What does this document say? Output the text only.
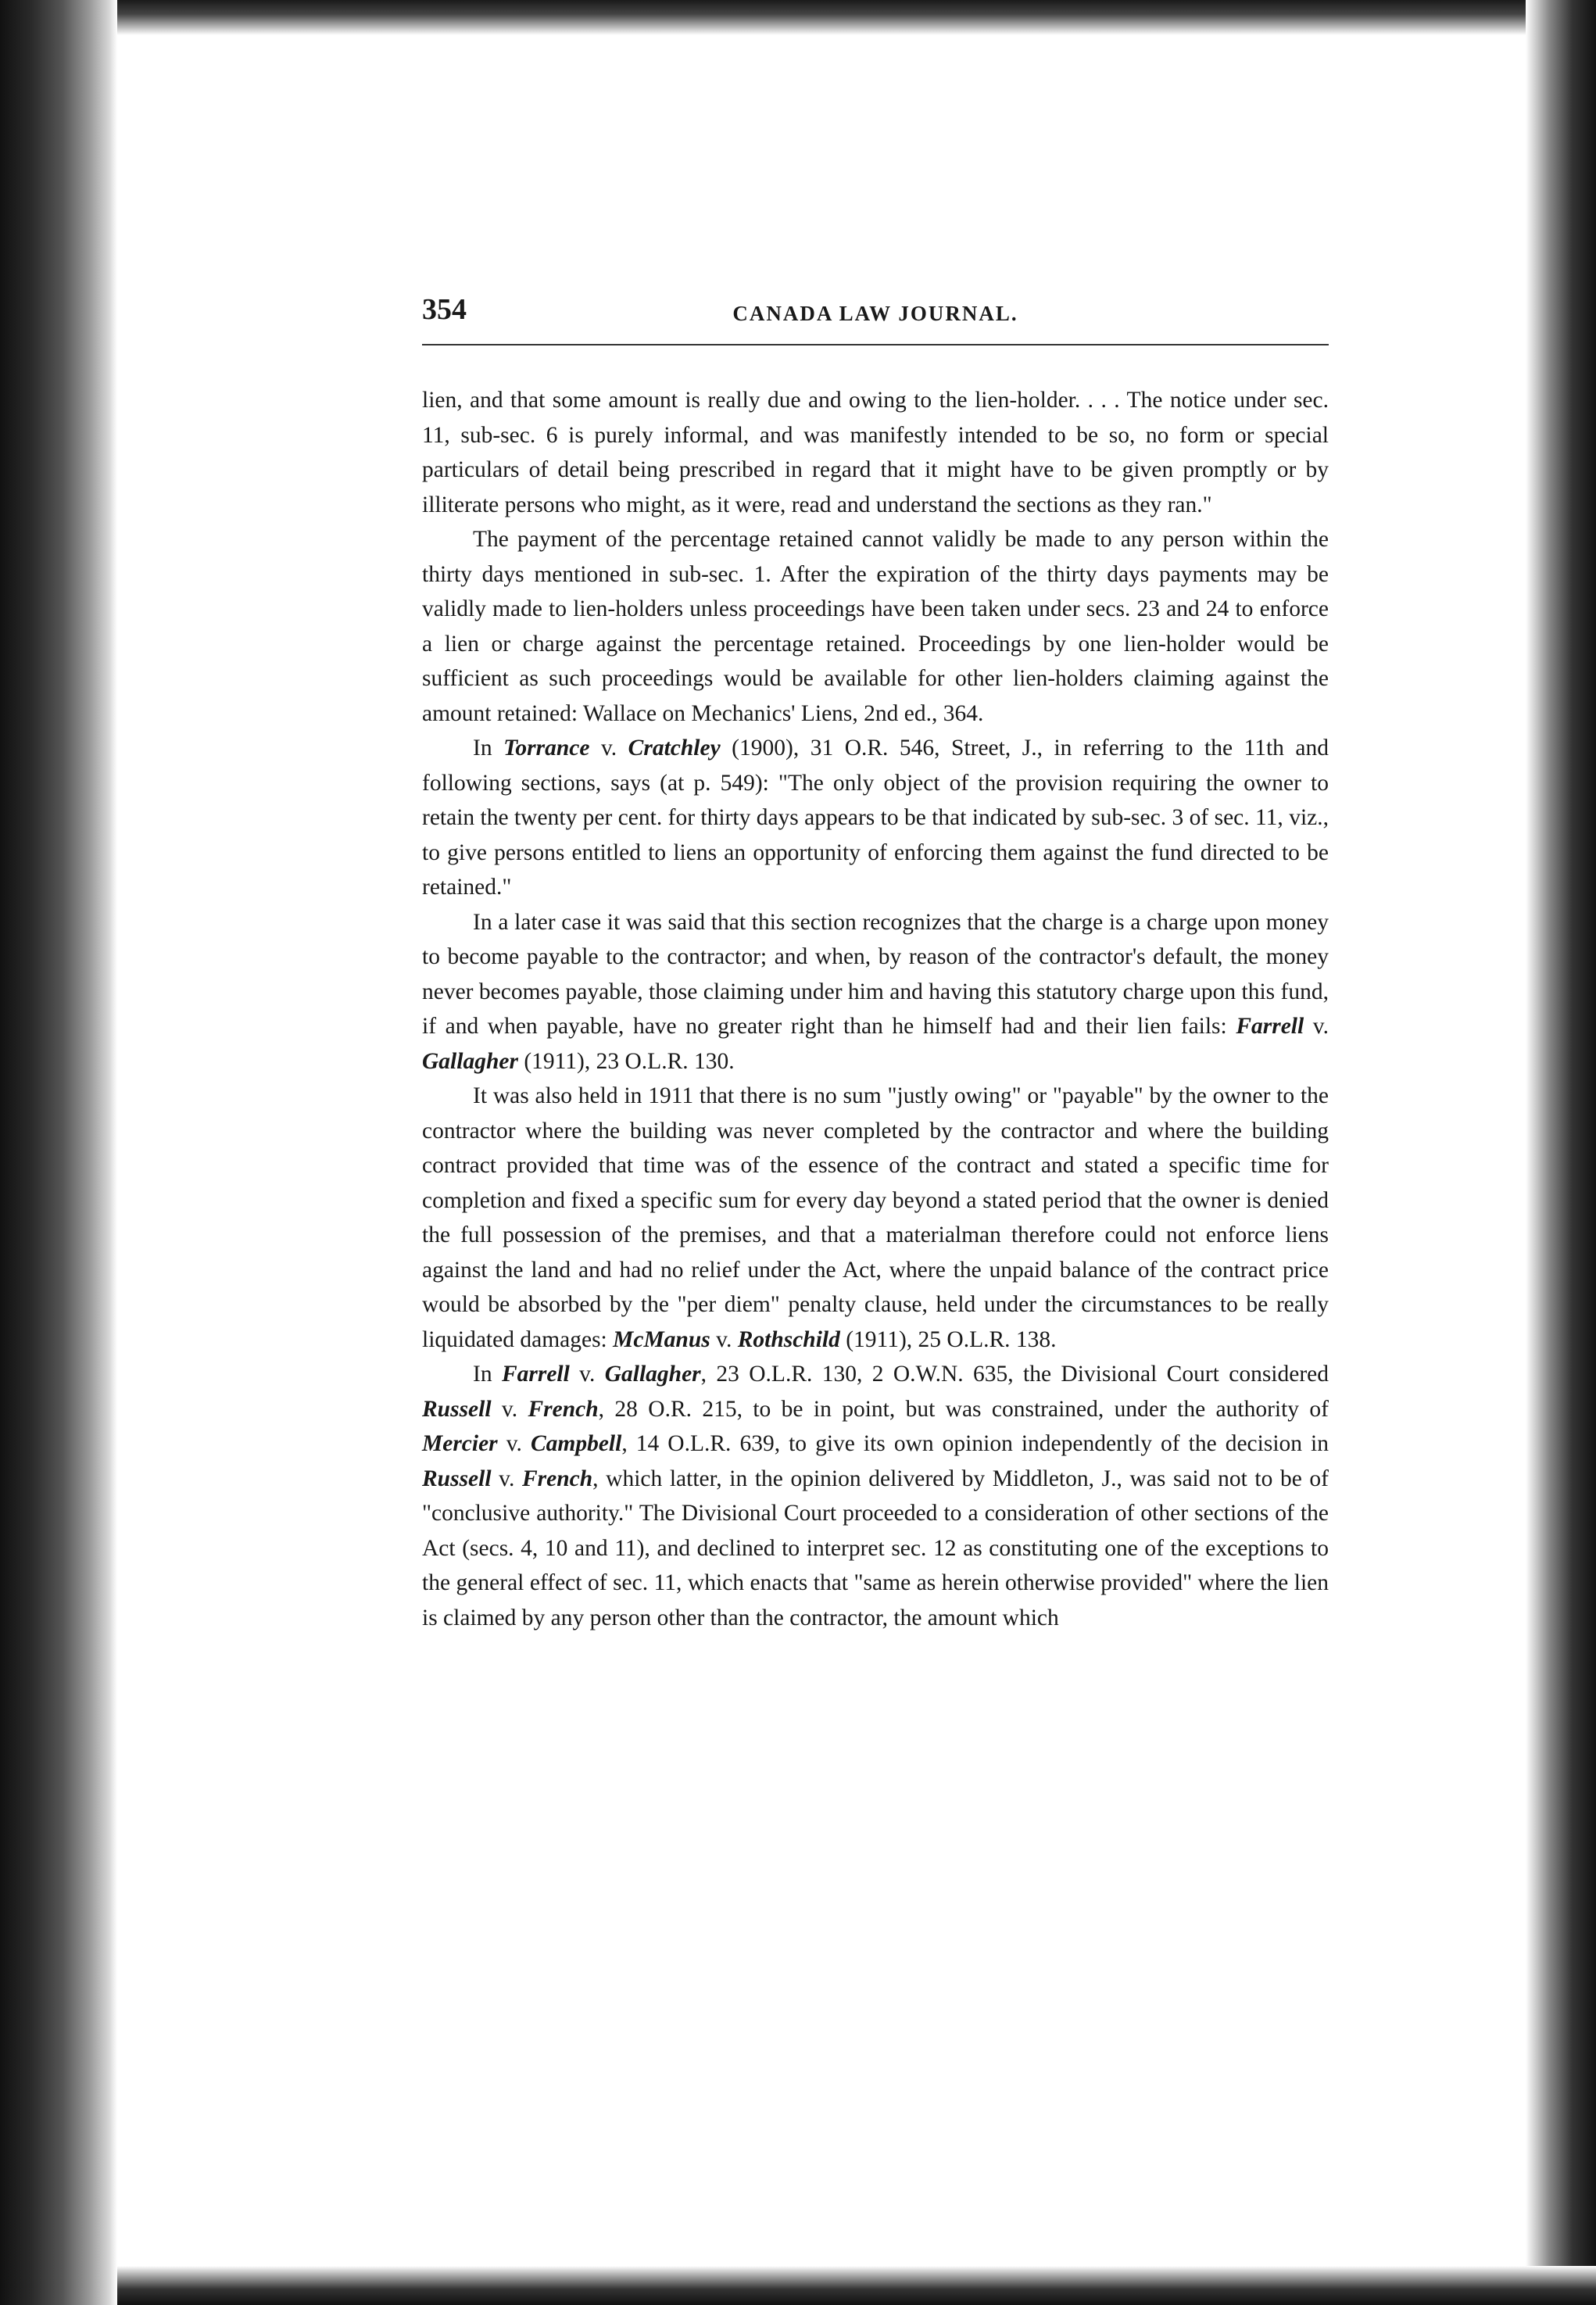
354	CANADA LAW JOURNAL.

lien, and that some amount is really due and owing to the lien-holder. . . . The notice under sec. 11, sub-sec. 6 is purely informal, and was manifestly intended to be so, no form or special particulars of detail being prescribed in regard that it might have to be given promptly or by illiterate persons who might, as it were, read and understand the sections as they ran."

The payment of the percentage retained cannot validly be made to any person within the thirty days mentioned in sub-sec. 1. After the expiration of the thirty days payments may be validly made to lien-holders unless proceedings have been taken under secs. 23 and 24 to enforce a lien or charge against the percentage retained. Proceedings by one lien-holder would be sufficient as such proceedings would be available for other lien-holders claiming against the amount retained: Wallace on Mechanics' Liens, 2nd ed., 364.

In Torrance v. Cratchley (1900), 31 O.R. 546, Street, J., in referring to the 11th and following sections, says (at p. 549): "The only object of the provision requiring the owner to retain the twenty per cent. for thirty days appears to be that indicated by sub-sec. 3 of sec. 11, viz., to give persons entitled to liens an opportunity of enforcing them against the fund directed to be retained."

In a later case it was said that this section recognizes that the charge is a charge upon money to become payable to the contractor; and when, by reason of the contractor's default, the money never becomes payable, those claiming under him and having this statutory charge upon this fund, if and when payable, have no greater right than he himself had and their lien fails: Farrell v. Gallagher (1911), 23 O.L.R. 130.

It was also held in 1911 that there is no sum "justly owing" or "payable" by the owner to the contractor where the building was never completed by the contractor and where the building contract provided that time was of the essence of the contract and stated a specific time for completion and fixed a specific sum for every day beyond a stated period that the owner is denied the full possession of the premises, and that a materialman therefore could not enforce liens against the land and had no relief under the Act, where the unpaid balance of the contract price would be absorbed by the "per diem" penalty clause, held under the circumstances to be really liquidated damages: McManus v. Rothschild (1911), 25 O.L.R. 138.

In Farrell v. Gallagher, 23 O.L.R. 130, 2 O.W.N. 635, the Divisional Court considered Russell v. French, 28 O.R. 215, to be in point, but was constrained, under the authority of Mercier v. Campbell, 14 O.L.R. 639, to give its own opinion independently of the decision in Russell v. French, which latter, in the opinion delivered by Middleton, J., was said not to be of "conclusive authority." The Divisional Court proceeded to a consideration of other sections of the Act (secs. 4, 10 and 11), and declined to interpret sec. 12 as constituting one of the exceptions to the general effect of sec. 11, which enacts that "same as herein otherwise provided" where the lien is claimed by any person other than the contractor, the amount which
